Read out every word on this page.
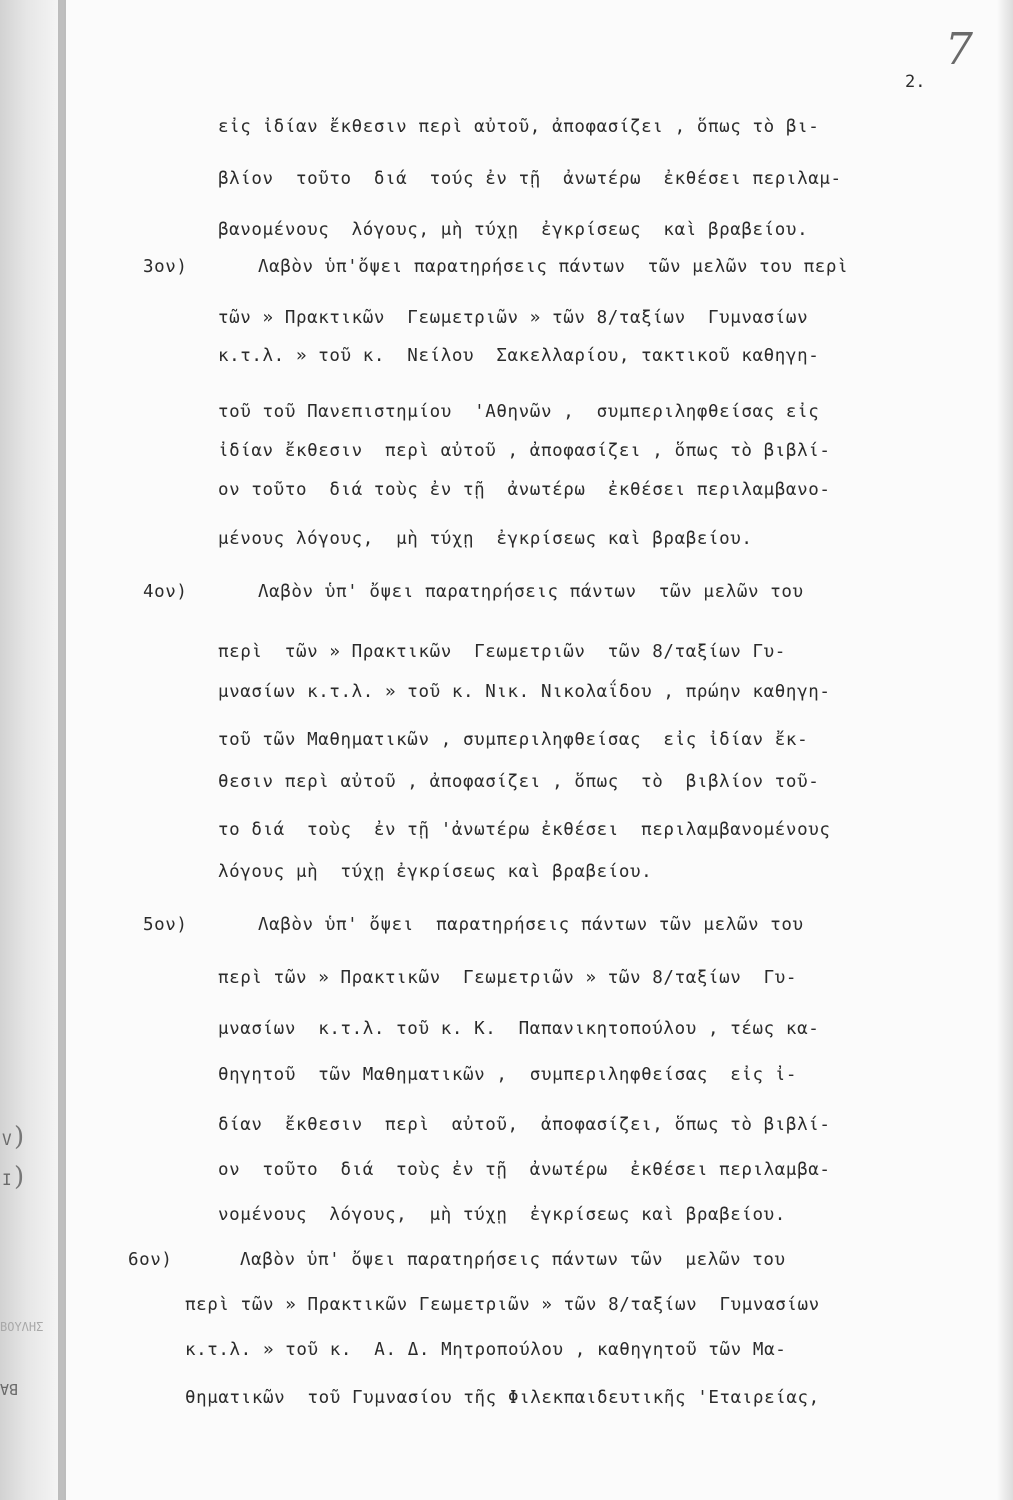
7
2.
V
I
)
)
ΒΑ
ΒΟΥΛΗΣ
εἰς ἰδίαν ἔκθεσιν περὶ αὐτοῦ, ἀποφασίζει , ὅπως τὸ βι-
βλίον  τοῦτο  διά  τούς ἐν τῇ  ἀνωτέρω  ἐκθέσει περιλαμ-
βανομένους  λόγους, μὴ τύχῃ  ἐγκρίσεως  καὶ βραβείου.
3ον)	Λαβὸν ὑπ'ὄψει παρατηρήσεις πάντων  τῶν μελῶν του περὶ
τῶν » Πρακτικῶν  Γεωμετριῶν » τῶν 8/ταξίων  Γυμνασίων
κ.τ.λ. » τοῦ κ.  Νείλου  Σακελλαρίου, τακτικοῦ καθηγη-
τοῦ τοῦ Πανεπιστημίου  'Αθηνῶν ,  συμπεριληφθείσας εἰς
ἰδίαν ἔκθεσιν  περὶ αὐτοῦ , ἀποφασίζει , ὅπως τὸ βιβλί-
ον τοῦτο  διά τοὺς ἐν τῇ  ἀνωτέρω  ἐκθέσει περιλαμβανο-
μένους λόγους,  μὴ τύχῃ  ἐγκρίσεως καὶ βραβείου.
4ον)	Λαβὸν ὑπ' ὄψει παρατηρήσεις πάντων  τῶν μελῶν του
περὶ  τῶν » Πρακτικῶν  Γεωμετριῶν  τῶν 8/ταξίων Γυ-
μνασίων κ.τ.λ. » τοῦ κ. Νικ. Νικολαΐδου , πρώην καθηγη-
τοῦ τῶν Μαθηματικῶν , συμπεριληφθείσας  εἰς ἰδίαν ἔκ-
θεσιν περὶ αὐτοῦ , ἀποφασίζει , ὅπως  τὸ  βιβλίον τοῦ-
το διά  τοὺς  ἐν τῇ 'ἀνωτέρω ἐκθέσει  περιλαμβανομένους
λόγους μὴ  τύχῃ ἐγκρίσεως καὶ βραβείου.
5ον)	Λαβὸν ὑπ' ὄψει  παρατηρήσεις πάντων τῶν μελῶν του
περὶ τῶν » Πρακτικῶν  Γεωμετριῶν » τῶν 8/ταξίων  Γυ-
μνασίων  κ.τ.λ. τοῦ κ. Κ.  Παπανικητοπούλου , τέως κα-
θηγητοῦ  τῶν Μαθηματικῶν ,  συμπεριληφθείσας  εἰς ἰ-
δίαν  ἔκθεσιν  περὶ  αὐτοῦ,  ἀποφασίζει, ὅπως τὸ βιβλί-
ον  τοῦτο  διά  τοὺς ἐν τῇ  ἀνωτέρω  ἐκθέσει περιλαμβα-
νομένους  λόγους,  μὴ τύχῃ  ἐγκρίσεως καὶ βραβείου.
6ον)	Λαβὸν ὑπ' ὄψει παρατηρήσεις πάντων τῶν  μελῶν του
περὶ τῶν » Πρακτικῶν Γεωμετριῶν » τῶν 8/ταξίων  Γυμνασίων
κ.τ.λ. » τοῦ κ.  Α. Δ. Μητροπούλου , καθηγητοῦ τῶν Μα-
θηματικῶν  τοῦ Γυμνασίου τῆς Φιλεκπαιδευτικῆς 'Εταιρείας,
